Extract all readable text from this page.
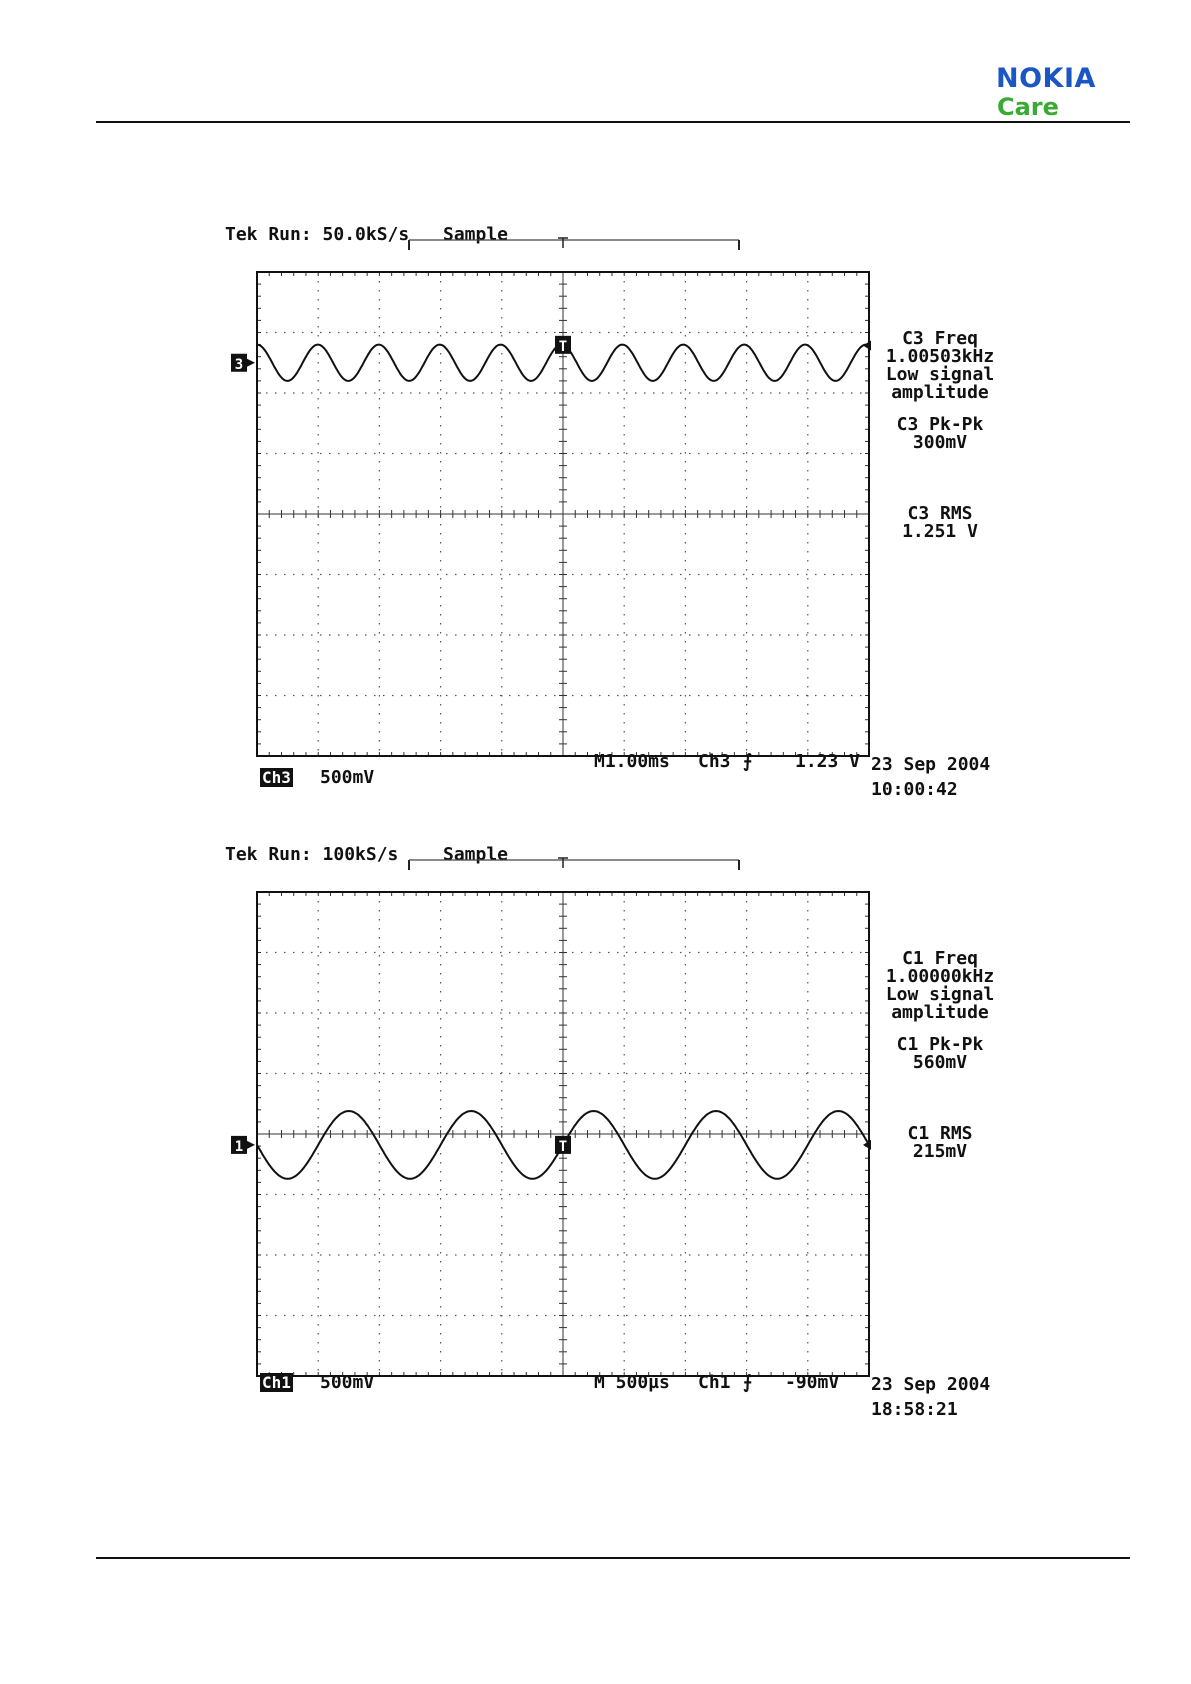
NOKIA
Care
Tek Run: 50.0kS/s Sample
T
3
C3 Freq
1.00503kHz
Low signal
amplitude
C3 Pk-Pk
300mV
C3 RMS
1.251 V
Ch3 500mV
M1.00ms Ch3 ⨍ 1.23 V 23 Sep 2004
10:00:42
Tek Run: 100kS/s Sample
T
1
C1 Freq
1.00000kHz
Low signal
amplitude
C1 Pk-Pk
560mV
C1 RMS
215mV
Ch1 500mV	M 500µs Ch1 ⨍ -90mV 23 Sep 2004
18:58:21
